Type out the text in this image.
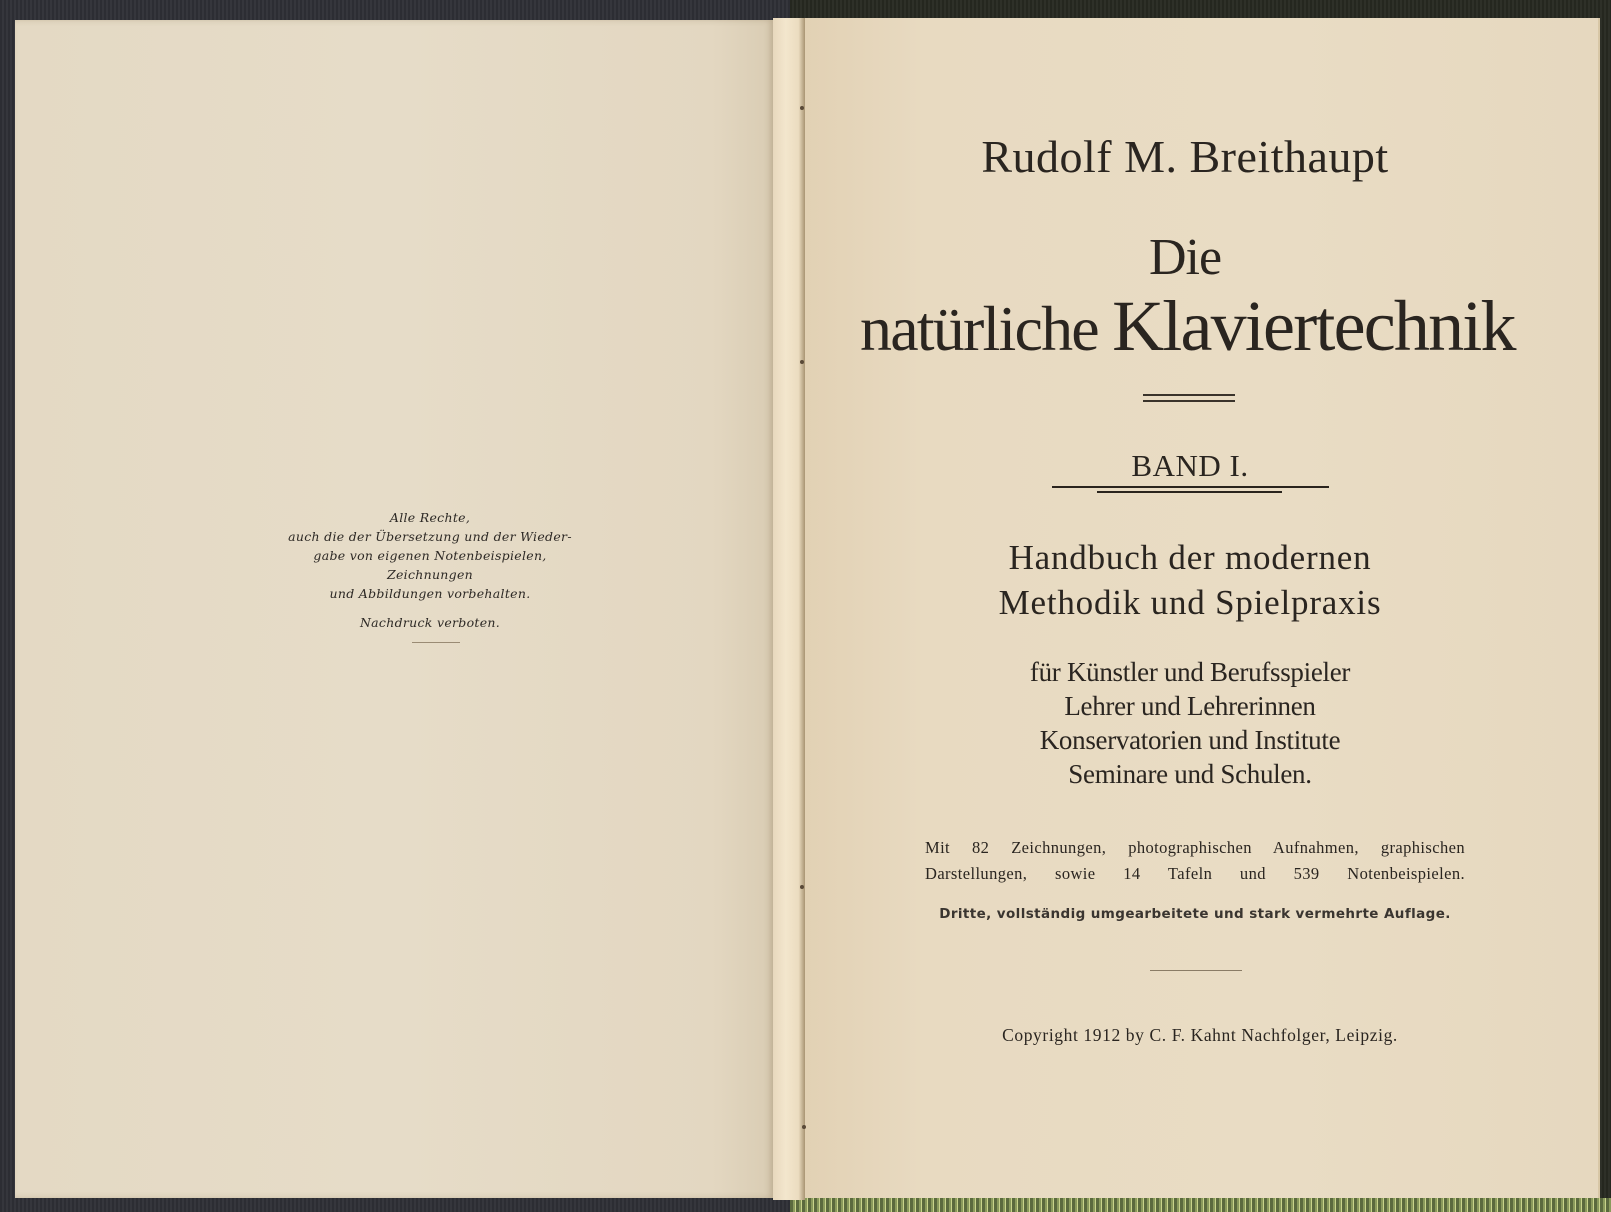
Alle Rechte,
auch die der Übersetzung und der Wieder-
gabe von eigenen Notenbeispielen, Zeichnungen
und Abbildungen vorbehalten.
Nachdruck verboten.
Rudolf M. Breithaupt
Die
natürliche Klaviertechnik
BAND I.
Handbuch der modernen
Methodik und Spielpraxis
für Künstler und Berufsspieler
Lehrer und Lehrerinnen
Konservatorien und Institute
Seminare und Schulen.
Mit 82 Zeichnungen, photographischen Aufnahmen, graphischen
Darstellungen, sowie 14 Tafeln und 539 Notenbeispielen.
Dritte, vollständig umgearbeitete und stark vermehrte Auflage.
Copyright 1912 by C. F. Kahnt Nachfolger, Leipzig.
